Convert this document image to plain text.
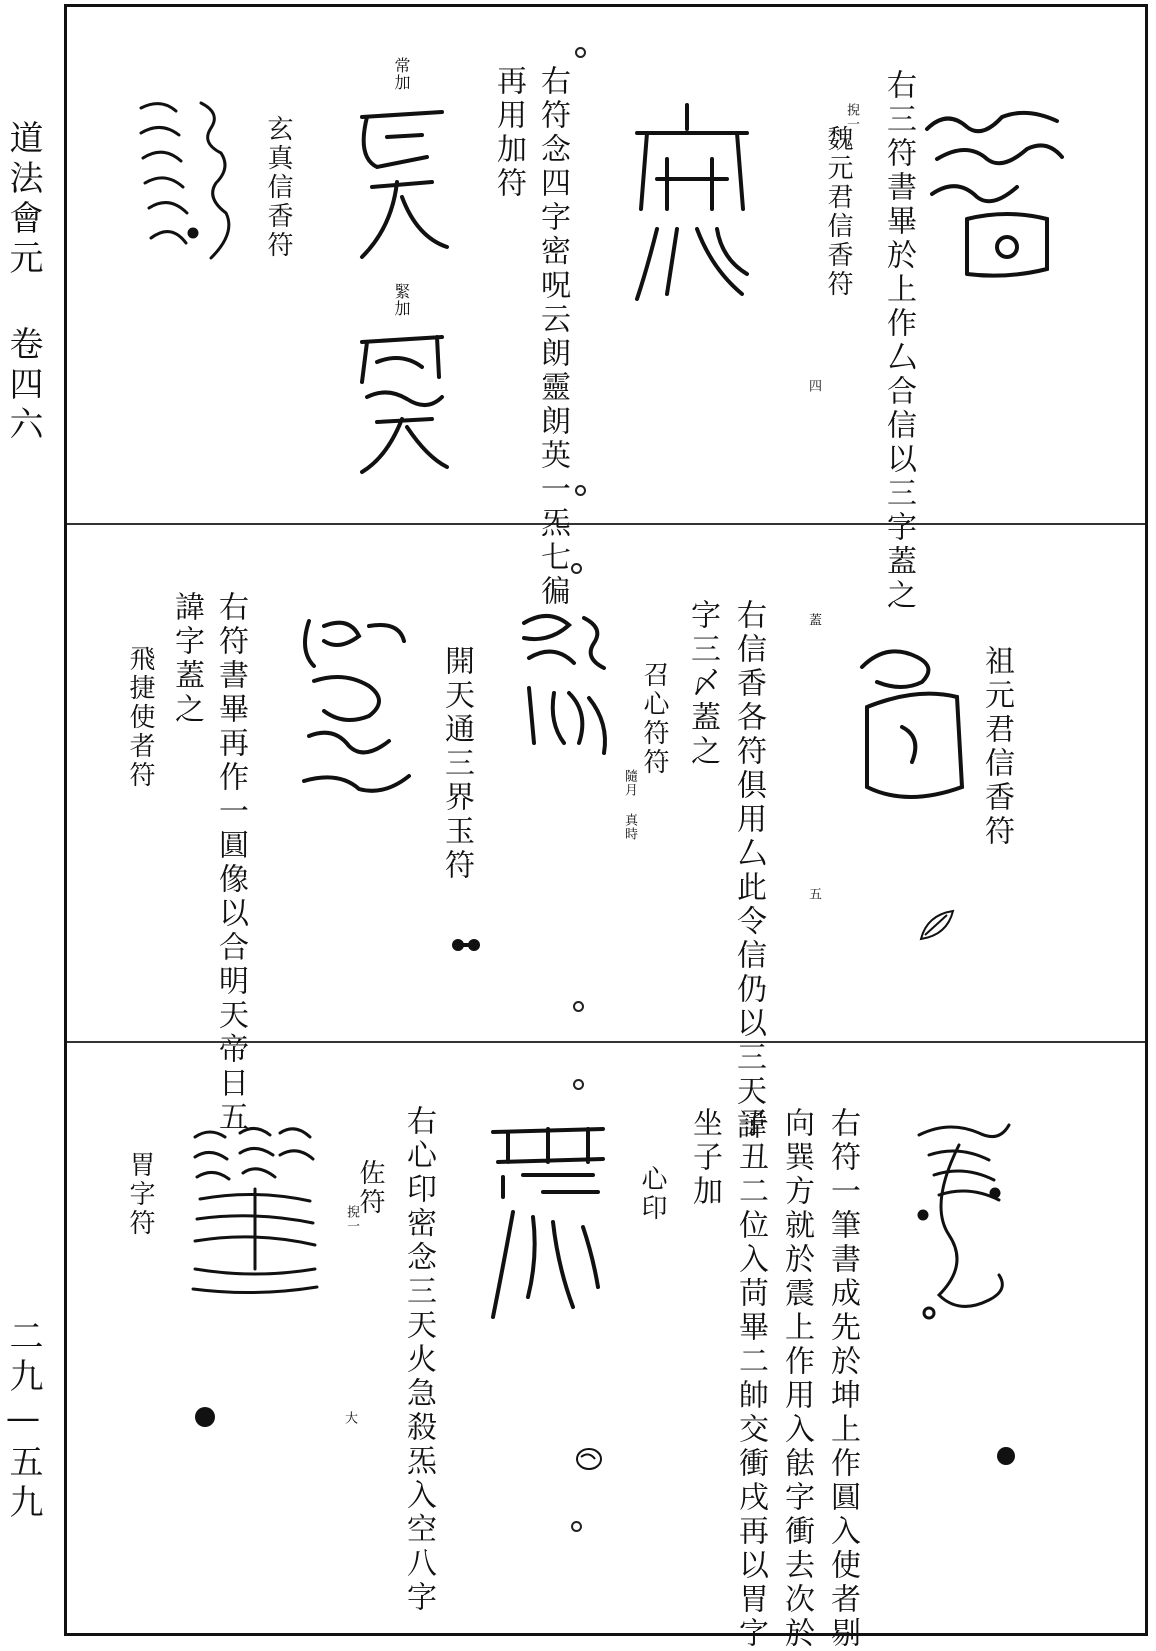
道法會元 卷四六
二九—五九
右三符書畢於上作厶合信以三字蓋之
魏元君信香符
掜一
四
右符念四字密呪云朗靈朗英一炁七徧
再用加符
常加
緊加
玄真信香符
祖元君信香符
蓋
五
右信香各符俱用厶此令信仍以三天諱
字三〆蓋之
召心符符
隨月 真時
開天通三界玉符
右符書畢再作一圓像以合明天帝日五
諱字蓋之
飛捷使者符
右符一筆書成先於坤上作圓入使者剔
向巽方就於震上作用入䏻字衝去次於
子丑二位入苘畢二帥交衝戌再以胃字
坐子加
心印
右心印密念三天火急殺炁入空八字
佐符
掜一
大
胃字符
